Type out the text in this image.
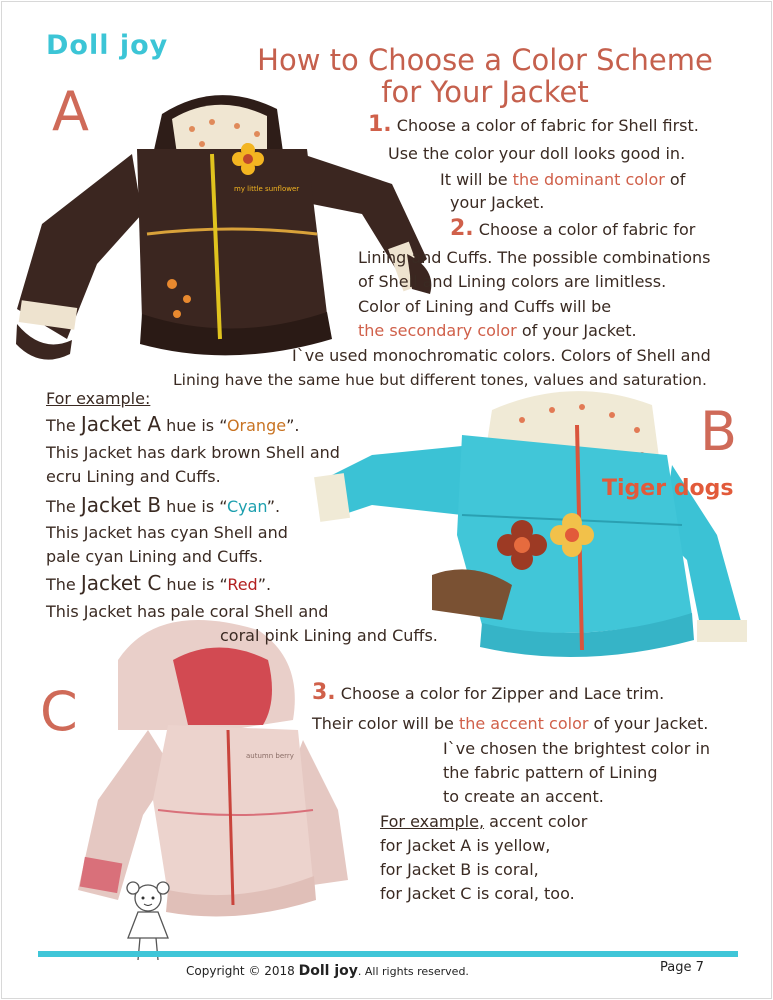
Doll joy	How to Choose a Color Scheme
for Your Jacket
A
B
C
my little sunflower
Tiger dogs
autumn berry
1. Choose a color of fabric for Shell first.
Use the color your doll looks good in.
It will be the dominant color of
your Jacket.
2. Choose a color of fabric for
Lining and Cuffs. The possible combinations
of Shell and Lining colors are limitless.
Color of Lining and Cuffs will be
the secondary color of your Jacket.
I`ve used monochromatic colors. Colors of Shell and
Lining have the same hue but different tones, values and saturation.
For example:
The Jacket A hue is “Orange”.
This Jacket has dark brown Shell and
ecru Lining and Cuffs.
The Jacket B hue is “Cyan”.
This Jacket has cyan Shell and
pale cyan Lining and Cuffs.
The Jacket C hue is “Red”.
This Jacket has pale coral Shell and
coral pink Lining and Cuffs.
3. Choose a color for Zipper and Lace trim.
Their color will be the accent color of your Jacket.
I`ve chosen the brightest color in
the fabric pattern of Lining
to create an accent.
For example, accent color
for Jacket A is yellow,
for Jacket B is coral,
for Jacket C is coral, too.
Copyright © 2018 Doll joy. All rights reserved.	Page 7
